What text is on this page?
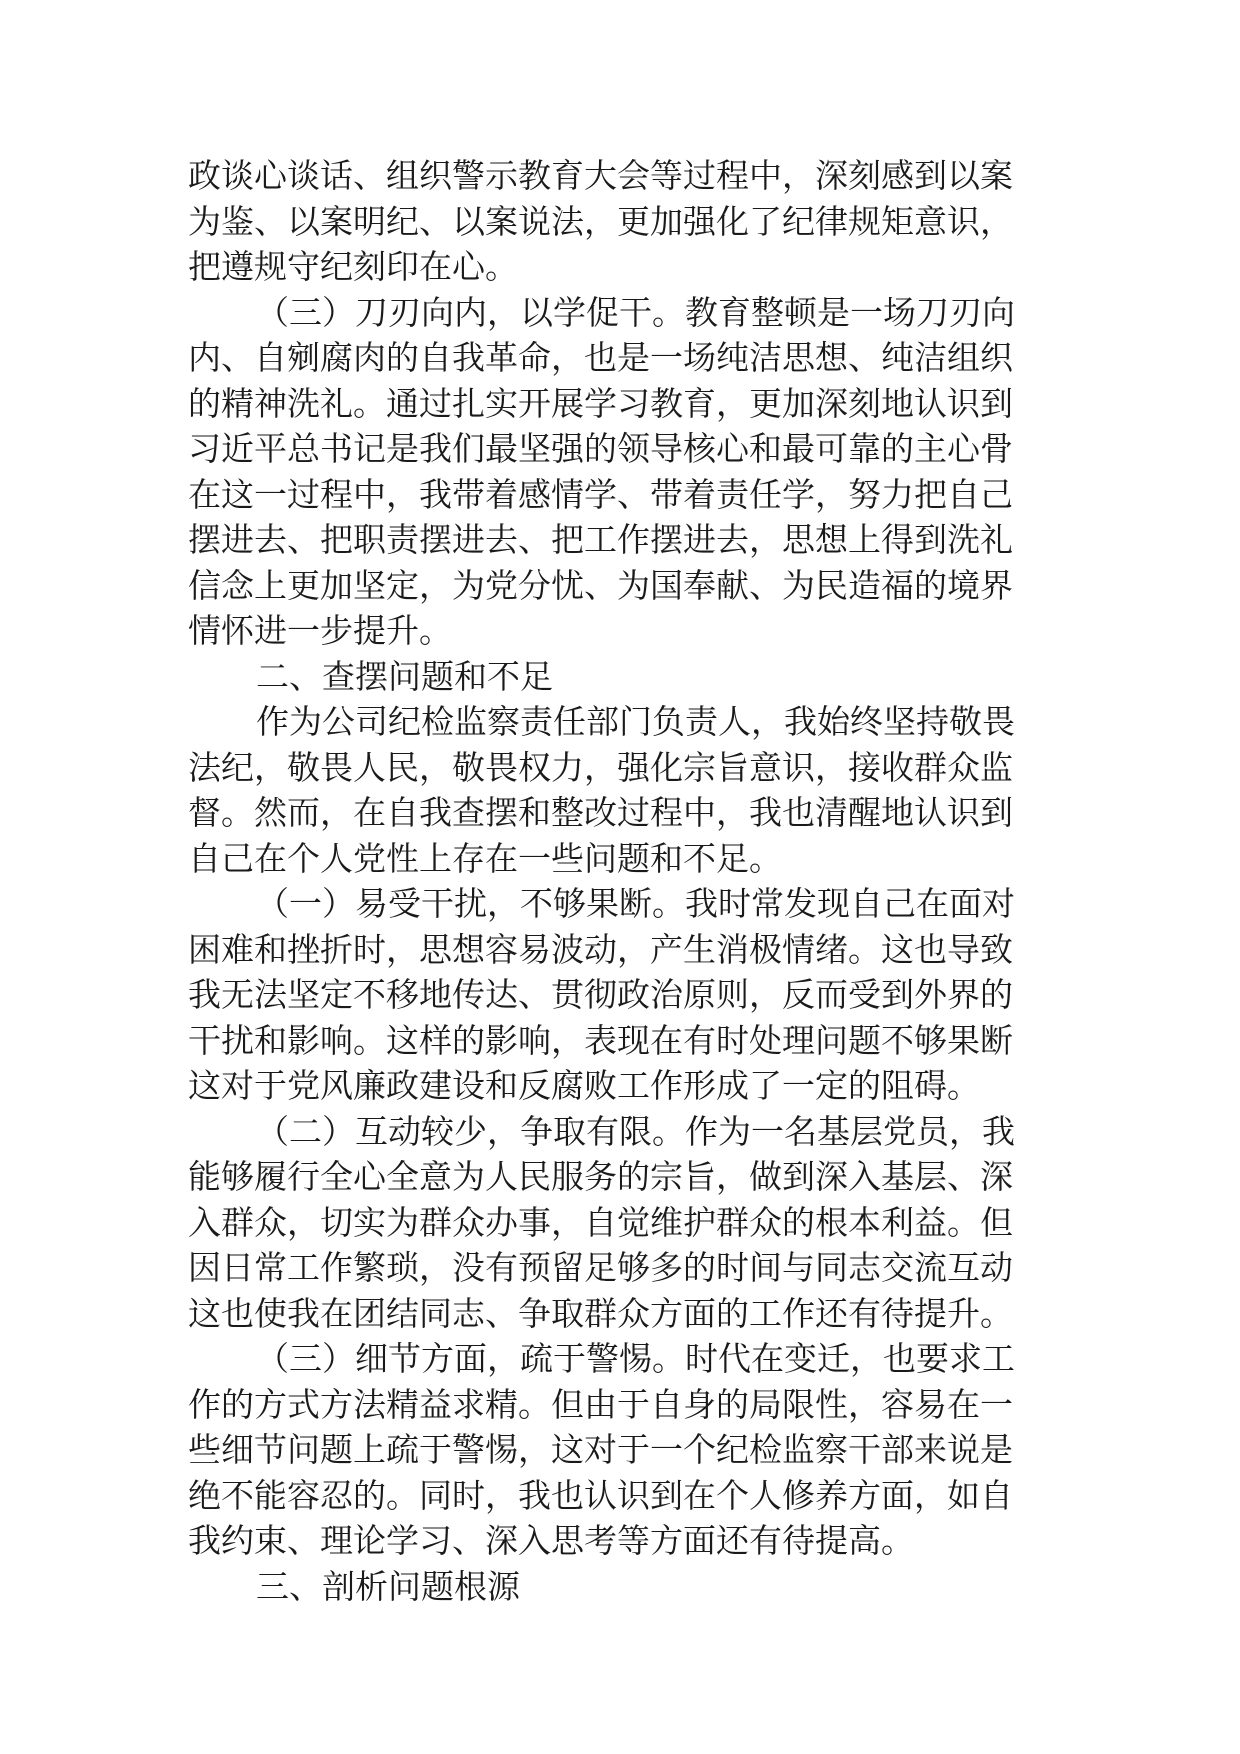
政谈心谈话、组织警示教育大会等过程中，深刻感到以案
为鉴、以案明纪、以案说法，更加强化了纪律规矩意识，
把遵规守纪刻印在心。
（三）刀刃向内，以学促干。教育整顿是一场刀刃向
内、自剜腐肉的自我革命，也是一场纯洁思想、纯洁组织
的精神洗礼。通过扎实开展学习教育，更加深刻地认识到
习近平总书记是我们最坚强的领导核心和最可靠的主心骨
在这一过程中，我带着感情学、带着责任学，努力把自己
摆进去、把职责摆进去、把工作摆进去，思想上得到洗礼
信念上更加坚定，为党分忧、为国奉献、为民造福的境界
情怀进一步提升。
二、查摆问题和不足
作为公司纪检监察责任部门负责人，我始终坚持敬畏
法纪，敬畏人民，敬畏权力，强化宗旨意识，接收群众监
督。然而，在自我查摆和整改过程中，我也清醒地认识到
自己在个人党性上存在一些问题和不足。
（一）易受干扰，不够果断。我时常发现自己在面对
困难和挫折时，思想容易波动，产生消极情绪。这也导致
我无法坚定不移地传达、贯彻政治原则，反而受到外界的
干扰和影响。这样的影响，表现在有时处理问题不够果断
这对于党风廉政建设和反腐败工作形成了一定的阻碍。
（二）互动较少，争取有限。作为一名基层党员，我
能够履行全心全意为人民服务的宗旨，做到深入基层、深
入群众，切实为群众办事，自觉维护群众的根本利益。但
因日常工作繁琐，没有预留足够多的时间与同志交流互动
这也使我在团结同志、争取群众方面的工作还有待提升。
（三）细节方面，疏于警惕。时代在变迁，也要求工
作的方式方法精益求精。但由于自身的局限性，容易在一
些细节问题上疏于警惕，这对于一个纪检监察干部来说是
绝不能容忍的。同时，我也认识到在个人修养方面，如自
我约束、理论学习、深入思考等方面还有待提高。
三、剖析问题根源
